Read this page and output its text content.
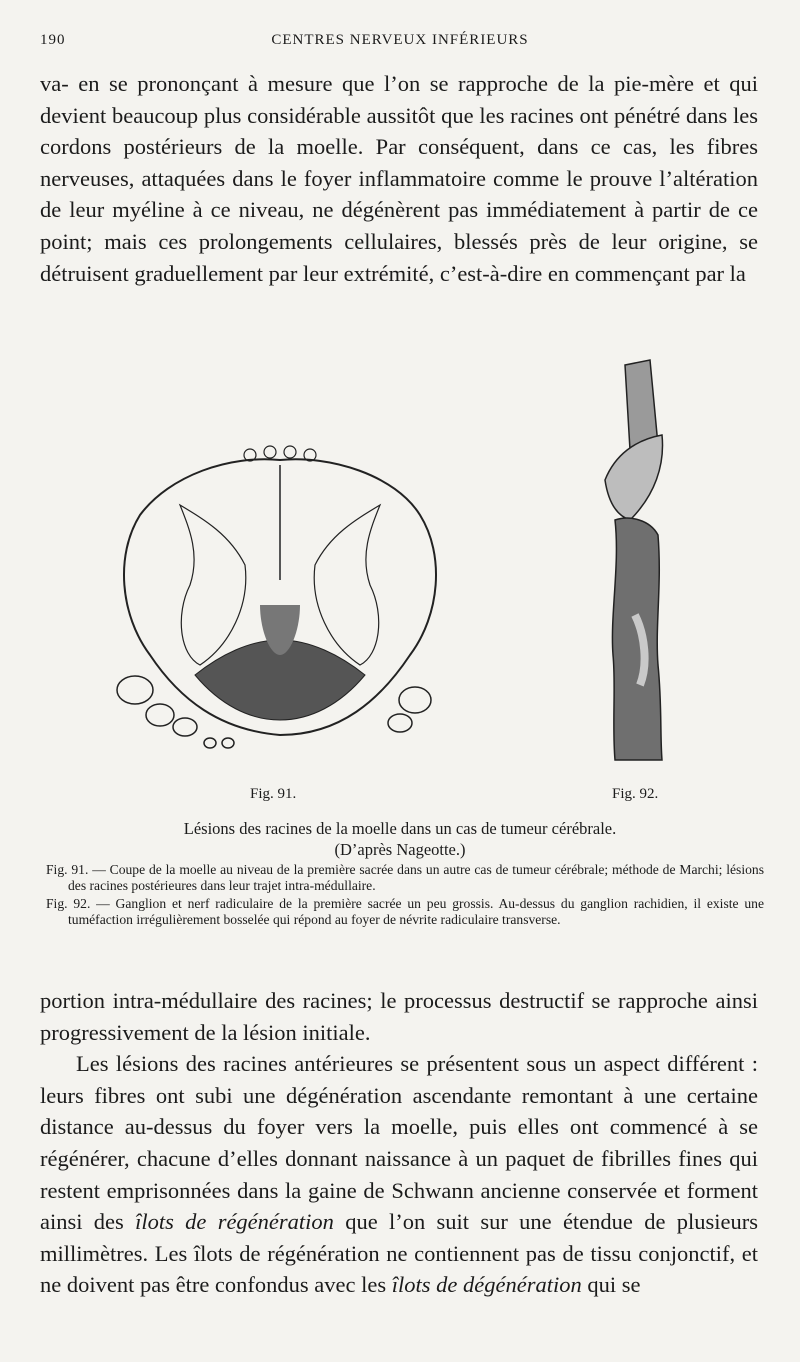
190	CENTRES NERVEUX INFÉRIEURS

va- en se prononçant à mesure que l’on se rapproche de la pie-mère et qui devient beaucoup plus considérable aussitôt que les racines ont pénétré dans les cordons postérieurs de la moelle. Par conséquent, dans ce cas, les fibres nerveuses, attaquées dans le foyer inflammatoire comme le prouve l’altération de leur myéline à ce niveau, ne dégénèrent pas immédiatement à partir de ce point; mais ces prolongements cellulaires, blessés près de leur origine, se détruisent graduellement par leur extrémité, c’est-à-dire en commençant par la

Fig. 91.	Fig. 92.
Lésions des racines de la moelle dans un cas de tumeur cérébrale.
(D’après Nageotte.)

Fig. 91. — Coupe de la moelle au niveau de la première sacrée dans un autre cas de tumeur cérébrale; méthode de Marchi; lésions des racines postérieures dans leur trajet intra-médullaire.

Fig. 92. — Ganglion et nerf radiculaire de la première sacrée un peu grossis. Au-dessus du ganglion rachidien, il existe une tuméfaction irrégulièrement bosselée qui répond au foyer de névrite radiculaire transverse.

portion intra-médullaire des racines; le processus destructif se rapproche ainsi progressivement de la lésion initiale.

Les lésions des racines antérieures se présentent sous un aspect différent : leurs fibres ont subi une dégénération ascendante remontant à une certaine distance au-dessus du foyer vers la moelle, puis elles ont commencé à se régénérer, chacune d’elles donnant naissance à un paquet de fibrilles fines qui restent emprisonnées dans la gaine de Schwann ancienne conservée et forment ainsi des îlots de régénération que l’on suit sur une étendue de plusieurs millimètres. Les îlots de régénération ne contiennent pas de tissu conjonctif, et ne doivent pas être confondus avec les îlots de dégénération qui se
